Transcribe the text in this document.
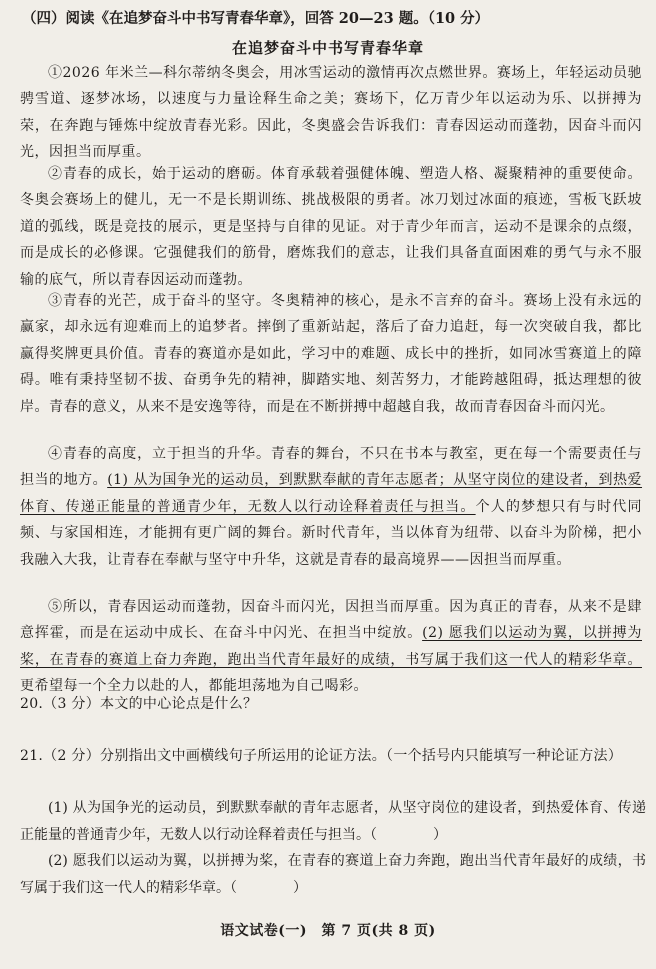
（四）阅读《在追梦奋斗中书写青春华章》，回答 20—23 题。（10 分）
在追梦奋斗中书写青春华章

①2026 年米兰—科尔蒂纳冬奥会，用冰雪运动的激情再次点燃世界。赛场上，年轻运动员驰骋雪道、逐梦冰场，以速度与力量诠释生命之美；赛场下，亿万青少年以运动为乐、以拼搏为荣，在奔跑与锤炼中绽放青春光彩。因此，冬奥盛会告诉我们：青春因运动而蓬勃，因奋斗而闪光，因担当而厚重。

②青春的成长，始于运动的磨砺。体育承载着强健体魄、塑造人格、凝聚精神的重要使命。冬奥会赛场上的健儿，无一不是长期训练、挑战极限的勇者。冰刀划过冰面的痕迹，雪板飞跃坡道的弧线，既是竞技的展示，更是坚持与自律的见证。对于青少年而言，运动不是课余的点缀，而是成长的必修课。它强健我们的筋骨，磨炼我们的意志，让我们具备直面困难的勇气与永不服输的底气，所以青春因运动而蓬勃。

③青春的光芒，成于奋斗的坚守。冬奥精神的核心，是永不言弃的奋斗。赛场上没有永远的赢家，却永远有迎难而上的追梦者。摔倒了重新站起，落后了奋力追赶，每一次突破自我，都比赢得奖牌更具价值。青春的赛道亦是如此，学习中的难题、成长中的挫折，如同冰雪赛道上的障碍。唯有秉持坚韧不拔、奋勇争先的精神，脚踏实地、刻苦努力，才能跨越阻碍，抵达理想的彼岸。青春的意义，从来不是安逸等待，而是在不断拼搏中超越自我，故而青春因奋斗而闪光。

④青春的高度，立于担当的升华。青春的舞台，不只在书本与教室，更在每一个需要责任与担当的地方。(1) 从为国争光的运动员，到默默奉献的青年志愿者；从坚守岗位的建设者，到热爱体育、传递正能量的普通青少年，无数人以行动诠释着责任与担当。个人的梦想只有与时代同频、与家国相连，才能拥有更广阔的舞台。新时代青年，当以体育为纽带、以奋斗为阶梯，把小我融入大我，让青春在奉献与坚守中升华，这就是青春的最高境界——因担当而厚重。

⑤所以，青春因运动而蓬勃，因奋斗而闪光，因担当而厚重。因为真正的青春，从来不是肆意挥霍，而是在运动中成长、在奋斗中闪光、在担当中绽放。(2) 愿我们以运动为翼，以拼搏为桨，在青春的赛道上奋力奔跑，跑出当代青年最好的成绩，书写属于我们这一代人的精彩华章。更希望每一个全力以赴的人，都能坦荡地为自己喝彩。

20.（3 分）本文的中心论点是什么？

21.（2 分）分别指出文中画横线句子所运用的论证方法。（一个括号内只能填写一种论证方法）

(1) 从为国争光的运动员，到默默奉献的青年志愿者，从坚守岗位的建设者，到热爱体育、传递正能量的普通青少年，无数人以行动诠释着责任与担当。（　　　　）

(2) 愿我们以运动为翼，以拼搏为桨，在青春的赛道上奋力奔跑，跑出当代青年最好的成绩，书写属于我们这一代人的精彩华章。（　　　　）

语文试卷(一)　第 7 页(共 8 页)
